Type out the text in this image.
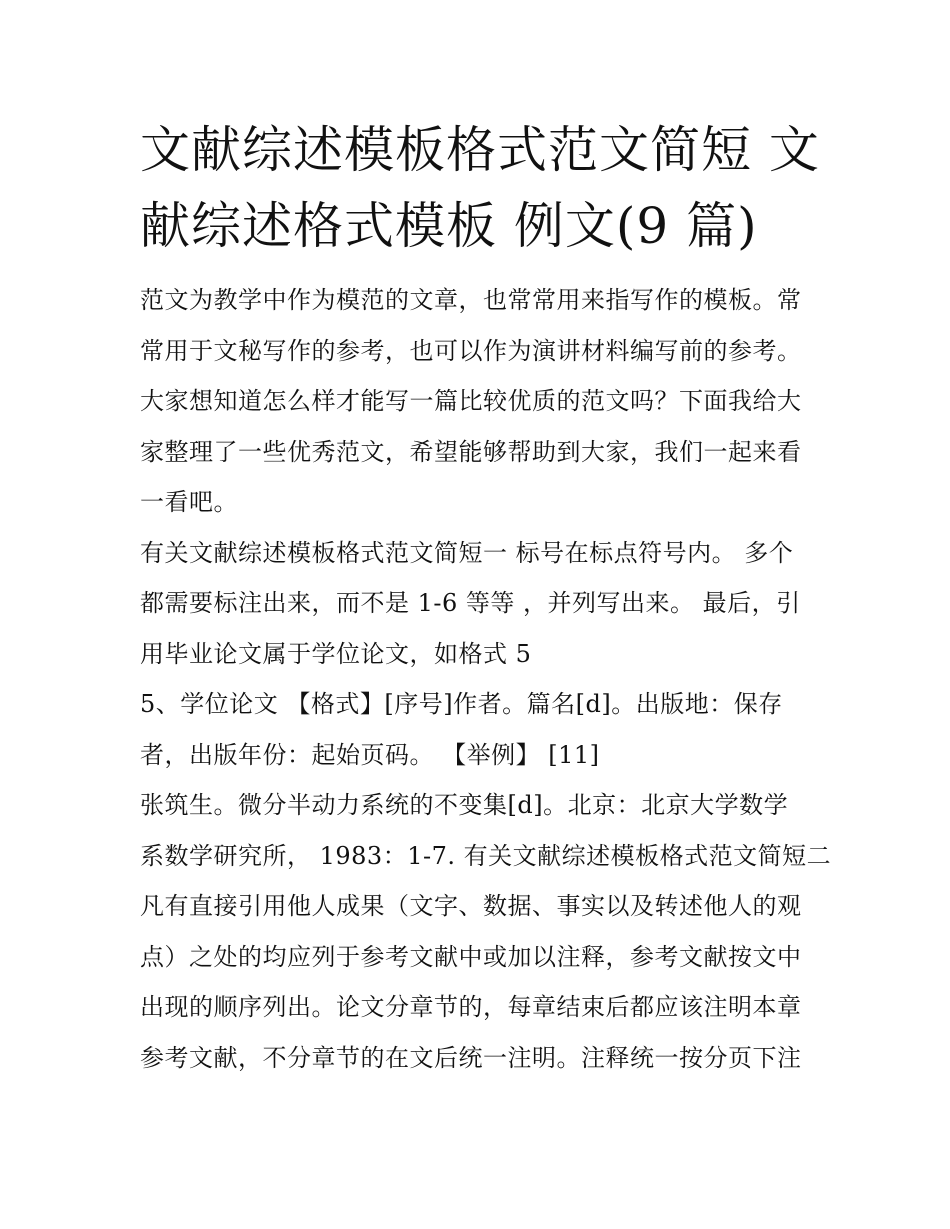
文献综述模板格式范文简短 文
献综述格式模板 例文(9 篇)
范文为教学中作为模范的文章，也常常用来指写作的模板。常
常用于文秘写作的参考，也可以作为演讲材料编写前的参考。
大家想知道怎么样才能写一篇比较优质的范文吗？下面我给大
家整理了一些优秀范文，希望能够帮助到大家，我们一起来看
一看吧。
有关文献综述模板格式范文简短一 标号在标点符号内。 多个
都需要标注出来，而不是 1-6 等等 ，并列写出来。 最后，引
用毕业论文属于学位论文，如格式 5
5、学位论文 【格式】[序号]作者。篇名[d]。出版地：保存
者，出版年份：起始页码。 【举例】 [11]
张筑生。微分半动力系统的不变集[d]。北京：北京大学数学
系数学研究所， 1983：1-7. 有关文献综述模板格式范文简短二
凡有直接引用他人成果（文字、数据、事实以及转述他人的观
点）之处的均应列于参考文献中或加以注释，参考文献按文中
出现的顺序列出。论文分章节的，每章结束后都应该注明本章
参考文献，不分章节的在文后统一注明。注释统一按分页下注
